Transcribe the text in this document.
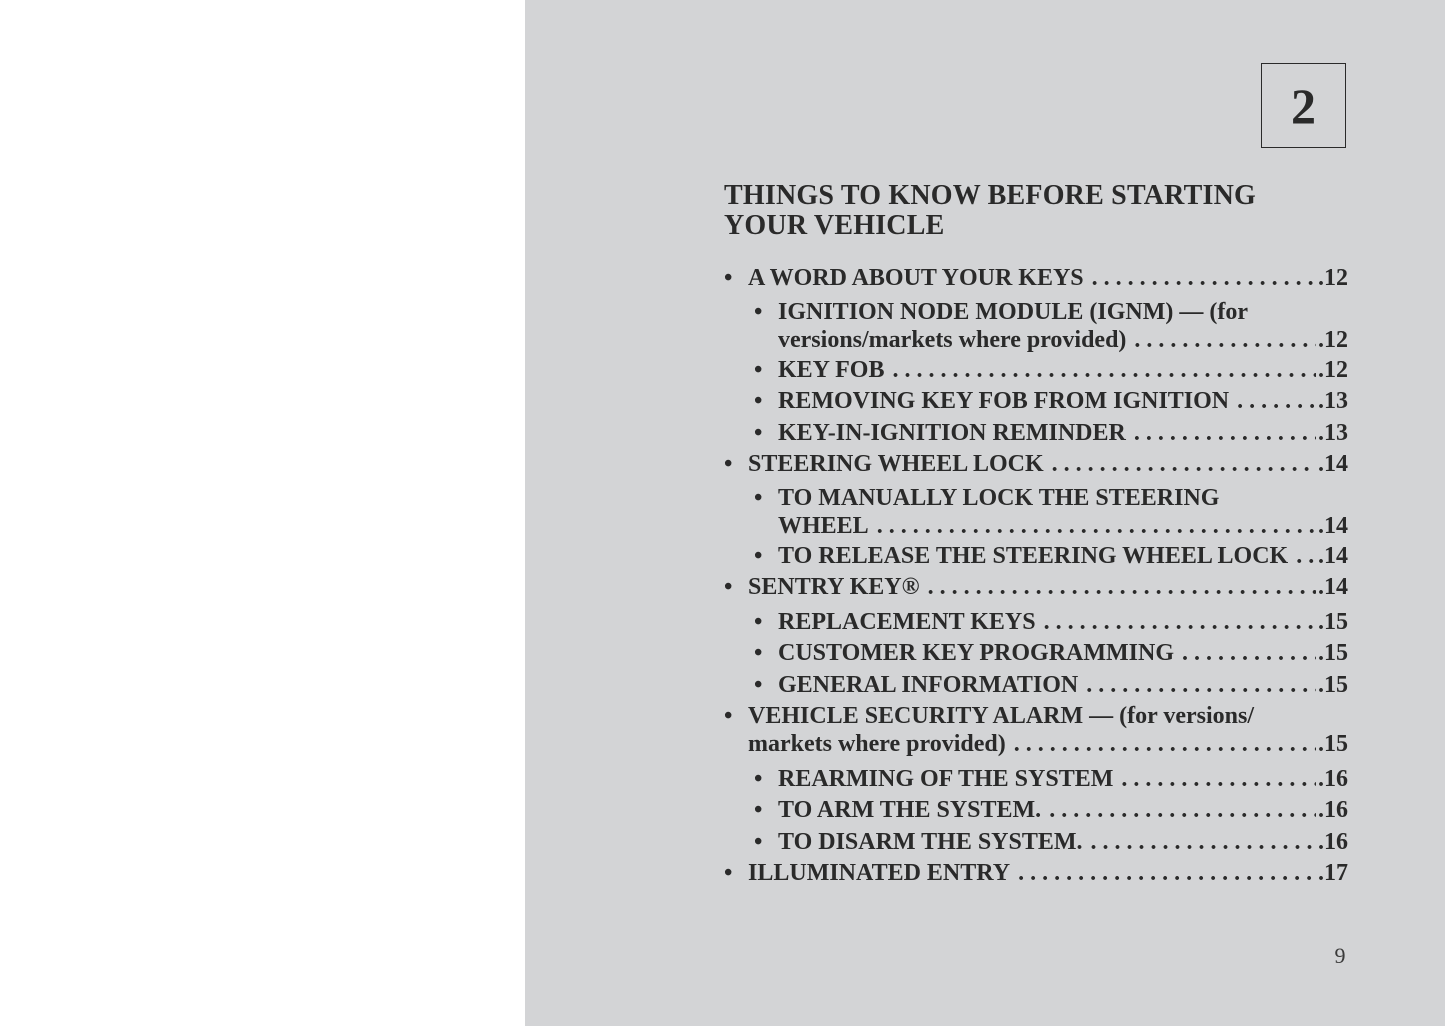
2
THINGS TO KNOW BEFORE STARTING
YOUR VEHICLE
• A WORD ABOUT YOUR KEYS . . .	.12
• IGNITION NODE MODULE (IGNM) — (for
versions/markets where provided) . . .	.12
• KEY FOB . . .	.12
• REMOVING KEY FOB FROM IGNITION . . .	.13
• KEY-IN-IGNITION REMINDER . . .	.13
• STEERING WHEEL LOCK . . .	.14
• TO MANUALLY LOCK THE STEERING
WHEEL . . .	.14
• TO RELEASE THE STEERING WHEEL LOCK . . . .14
• SENTRY KEY® . . .	.14
• REPLACEMENT KEYS . . .	.15
• CUSTOMER KEY PROGRAMMING . . .	.15
• GENERAL INFORMATION . . .	.15
• VEHICLE SECURITY ALARM — (for versions/
markets where provided) . . .	.15
• REARMING OF THE SYSTEM . . .	.16
• TO ARM THE SYSTEM. . . .	.16
• TO DISARM THE SYSTEM. . . .	.16
• ILLUMINATED ENTRY . . .	.17
9
